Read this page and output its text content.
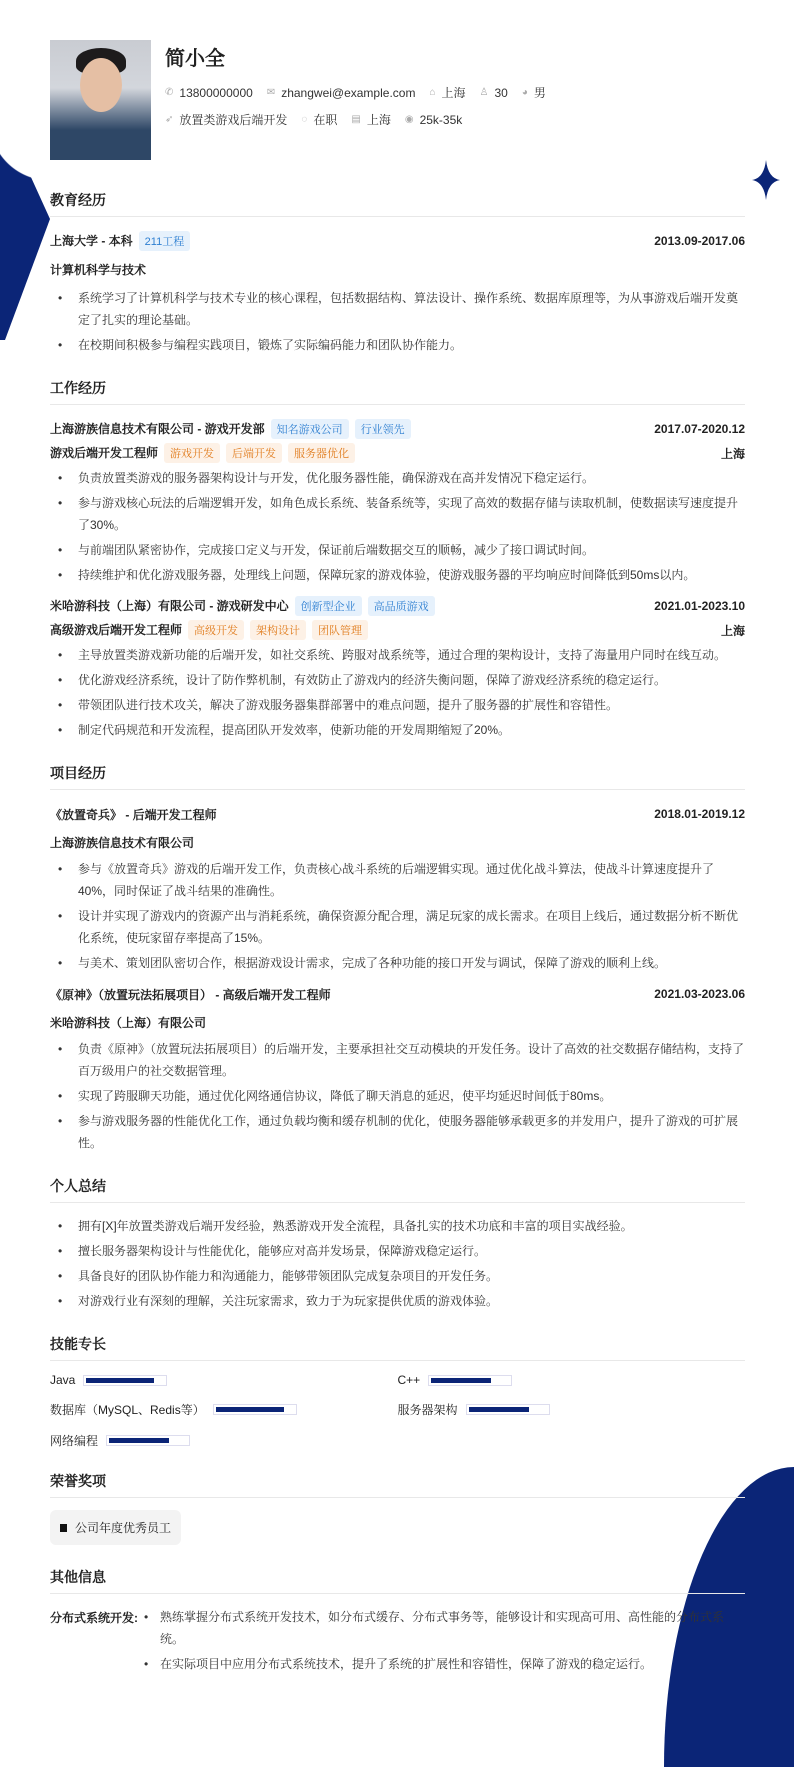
简小全
✆ 13800000000 ✉ zhangwei@example.com ⌂ 上海 ♙ 30 ◕ 男
➶ 放置类游戏后端开发 ◌ 在职 ▤ 上海 ◉ 25k-35k
教育经历
上海大学 - 本科	211工程	2013.09-2017.06
计算机科学与技术
• 系统学习了计算机科学与技术专业的核心课程，包括数据结构、算法设计、操作系统、数据库原理等，为从事游戏后端开发奠定了扎实的理论基础。
• 在校期间积极参与编程实践项目，锻炼了实际编码能力和团队协作能力。
工作经历
上海游族信息技术有限公司 - 游戏开发部	知名游戏公司	行业领先	2017.07-2020.12
游戏后端开发工程师	游戏开发	后端开发	服务器优化	上海
• 负责放置类游戏的服务器架构设计与开发，优化服务器性能，确保游戏在高并发情况下稳定运行。
• 参与游戏核心玩法的后端逻辑开发，如角色成长系统、装备系统等，实现了高效的数据存储与读取机制，使数据读写速度提升了30%。
• 与前端团队紧密协作，完成接口定义与开发，保证前后端数据交互的顺畅，减少了接口调试时间。
• 持续维护和优化游戏服务器，处理线上问题，保障玩家的游戏体验，使游戏服务器的平均响应时间降低到50ms以内。
米哈游科技（上海）有限公司 - 游戏研发中心	创新型企业	高品质游戏	2021.01-2023.10
高级游戏后端开发工程师	高级开发	架构设计	团队管理	上海
• 主导放置类游戏新功能的后端开发，如社交系统、跨服对战系统等，通过合理的架构设计，支持了海量用户同时在线互动。
• 优化游戏经济系统，设计了防作弊机制，有效防止了游戏内的经济失衡问题，保障了游戏经济系统的稳定运行。
• 带领团队进行技术攻关，解决了游戏服务器集群部署中的难点问题，提升了服务器的扩展性和容错性。
• 制定代码规范和开发流程，提高团队开发效率，使新功能的开发周期缩短了20%。
项目经历
《放置奇兵》 - 后端开发工程师	2018.01-2019.12
上海游族信息技术有限公司
• 参与《放置奇兵》游戏的后端开发工作，负责核心战斗系统的后端逻辑实现。通过优化战斗算法，使战斗计算速度提升了40%，同时保证了战斗结果的准确性。
• 设计并实现了游戏内的资源产出与消耗系统，确保资源分配合理，满足玩家的成长需求。在项目上线后，通过数据分析不断优化系统，使玩家留存率提高了15%。
• 与美术、策划团队密切合作，根据游戏设计需求，完成了各种功能的接口开发与调试，保障了游戏的顺利上线。
《原神》（放置玩法拓展项目） - 高级后端开发工程师	2021.03-2023.06
米哈游科技（上海）有限公司
• 负责《原神》（放置玩法拓展项目）的后端开发，主要承担社交互动模块的开发任务。设计了高效的社交数据存储结构，支持了百万级用户的社交数据管理。
• 实现了跨服聊天功能，通过优化网络通信协议，降低了聊天消息的延迟，使平均延迟时间低于80ms。
• 参与游戏服务器的性能优化工作，通过负载均衡和缓存机制的优化，使服务器能够承载更多的并发用户，提升了游戏的可扩展性。
个人总结
• 拥有[X]年放置类游戏后端开发经验，熟悉游戏开发全流程，具备扎实的技术功底和丰富的项目实战经验。
• 擅长服务器架构设计与性能优化，能够应对高并发场景，保障游戏稳定运行。
• 具备良好的团队协作能力和沟通能力，能够带领团队完成复杂项目的开发任务。
• 对游戏行业有深刻的理解，关注玩家需求，致力于为玩家提供优质的游戏体验。
技能专长
Java	C++
数据库（MySQL、Redis等）	服务器架构
网络编程
荣誉奖项
公司年度优秀员工
其他信息
分布式系统开发:	• 熟练掌握分布式系统开发技术，如分布式缓存、分布式事务等，能够设计和实现高可用、高性能的分布式系统。
• 在实际项目中应用分布式系统技术，提升了系统的扩展性和容错性，保障了游戏的稳定运行。
